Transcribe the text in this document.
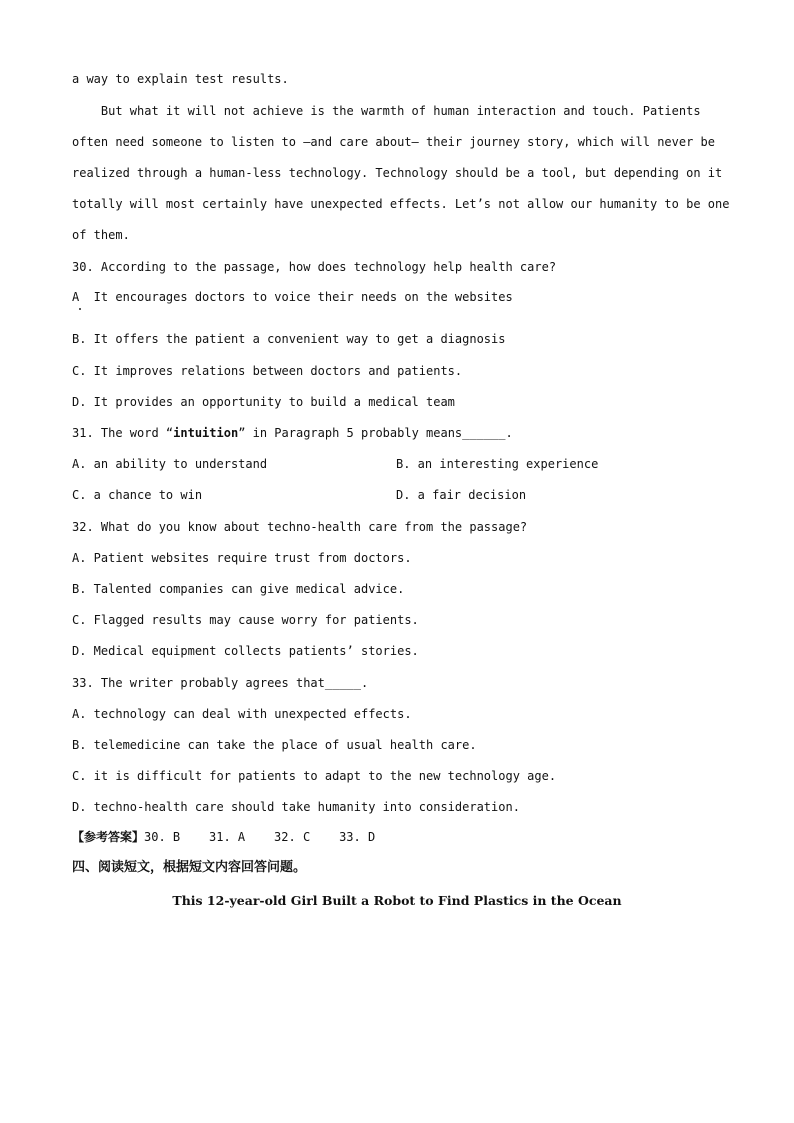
a way to explain test results.
But what it will not achieve is the warmth of human interaction and touch. Patients
often need someone to listen to —and care about— their journey story, which will never be
realized through a human-less technology. Technology should be a tool, but depending on it
totally will most certainly have unexpected effects. Let’s not allow our humanity to be one
of them.
30. According to the passage, how does technology help health care?
A  It encourages doctors to voice their needs on the websites
B. It offers the patient a convenient way to get a diagnosis
C. It improves relations between doctors and patients.
D. It provides an opportunity to build a medical team
31. The word “intuition” in Paragraph 5 probably means______.
A. an ability to understand	B. an interesting experience
C. a chance to win	D. a fair decision
32. What do you know about techno-health care from the passage?
A. Patient websites require trust from doctors.
B. Talented companies can give medical advice.
C. Flagged results may cause worry for patients.
D. Medical equipment collects patients’ stories.
33. The writer probably agrees that_____.
A. technology can deal with unexpected effects.
B. telemedicine can take the place of usual health care.
C. it is difficult for patients to adapt to the new technology age.
D. techno-health care should take humanity into consideration.
【参考答案】30. B    31. A    32. C    33. D
四、阅读短文，根据短文内容回答问题。
This 12-year-old Girl Built a Robot to Find Plastics in the Ocean
